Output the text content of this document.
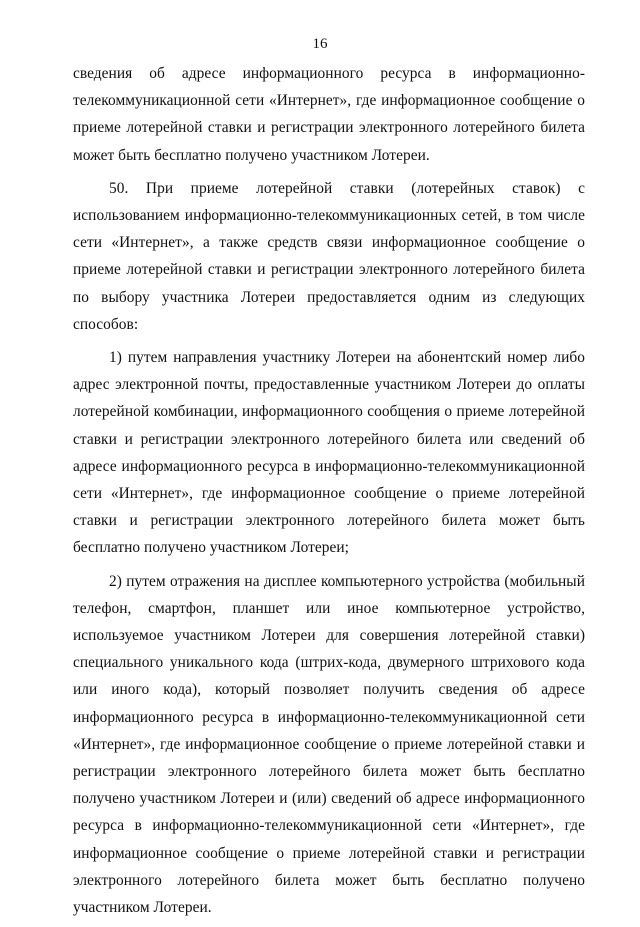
16

сведения об адресе информационного ресурса в информационно-телекоммуникационной сети «Интернет», где информационное сообщение о приеме лотерейной ставки и регистрации электронного лотерейного билета может быть бесплатно получено участником Лотереи.

50. При приеме лотерейной ставки (лотерейных ставок) с использованием информационно-телекоммуникационных сетей, в том числе сети «Интернет», а также средств связи информационное сообщение о приеме лотерейной ставки и регистрации электронного лотерейного билета по выбору участника Лотереи предоставляется одним из следующих способов:

1) путем направления участнику Лотереи на абонентский номер либо адрес электронной почты, предоставленные участником Лотереи до оплаты лотерейной комбинации, информационного сообщения о приеме лотерейной ставки и регистрации электронного лотерейного билета или сведений об адресе информационного ресурса в информационно-телекоммуникационной сети «Интернет», где информационное сообщение о приеме лотерейной ставки и регистрации электронного лотерейного билета может быть бесплатно получено участником Лотереи;

2) путем отражения на дисплее компьютерного устройства (мобильный телефон, смартфон, планшет или иное компьютерное устройство, используемое участником Лотереи для совершения лотерейной ставки) специального уникального кода (штрих-кода, двумерного штрихового кода или иного кода), который позволяет получить сведения об адресе информационного ресурса в информационно-телекоммуникационной сети «Интернет», где информационное сообщение о приеме лотерейной ставки и регистрации электронного лотерейного билета может быть бесплатно получено участником Лотереи и (или) сведений об адресе информационного ресурса в информационно-телекоммуникационной сети «Интернет», где информационное сообщение о приеме лотерейной ставки и регистрации электронного лотерейного билета может быть бесплатно получено участником Лотереи.
